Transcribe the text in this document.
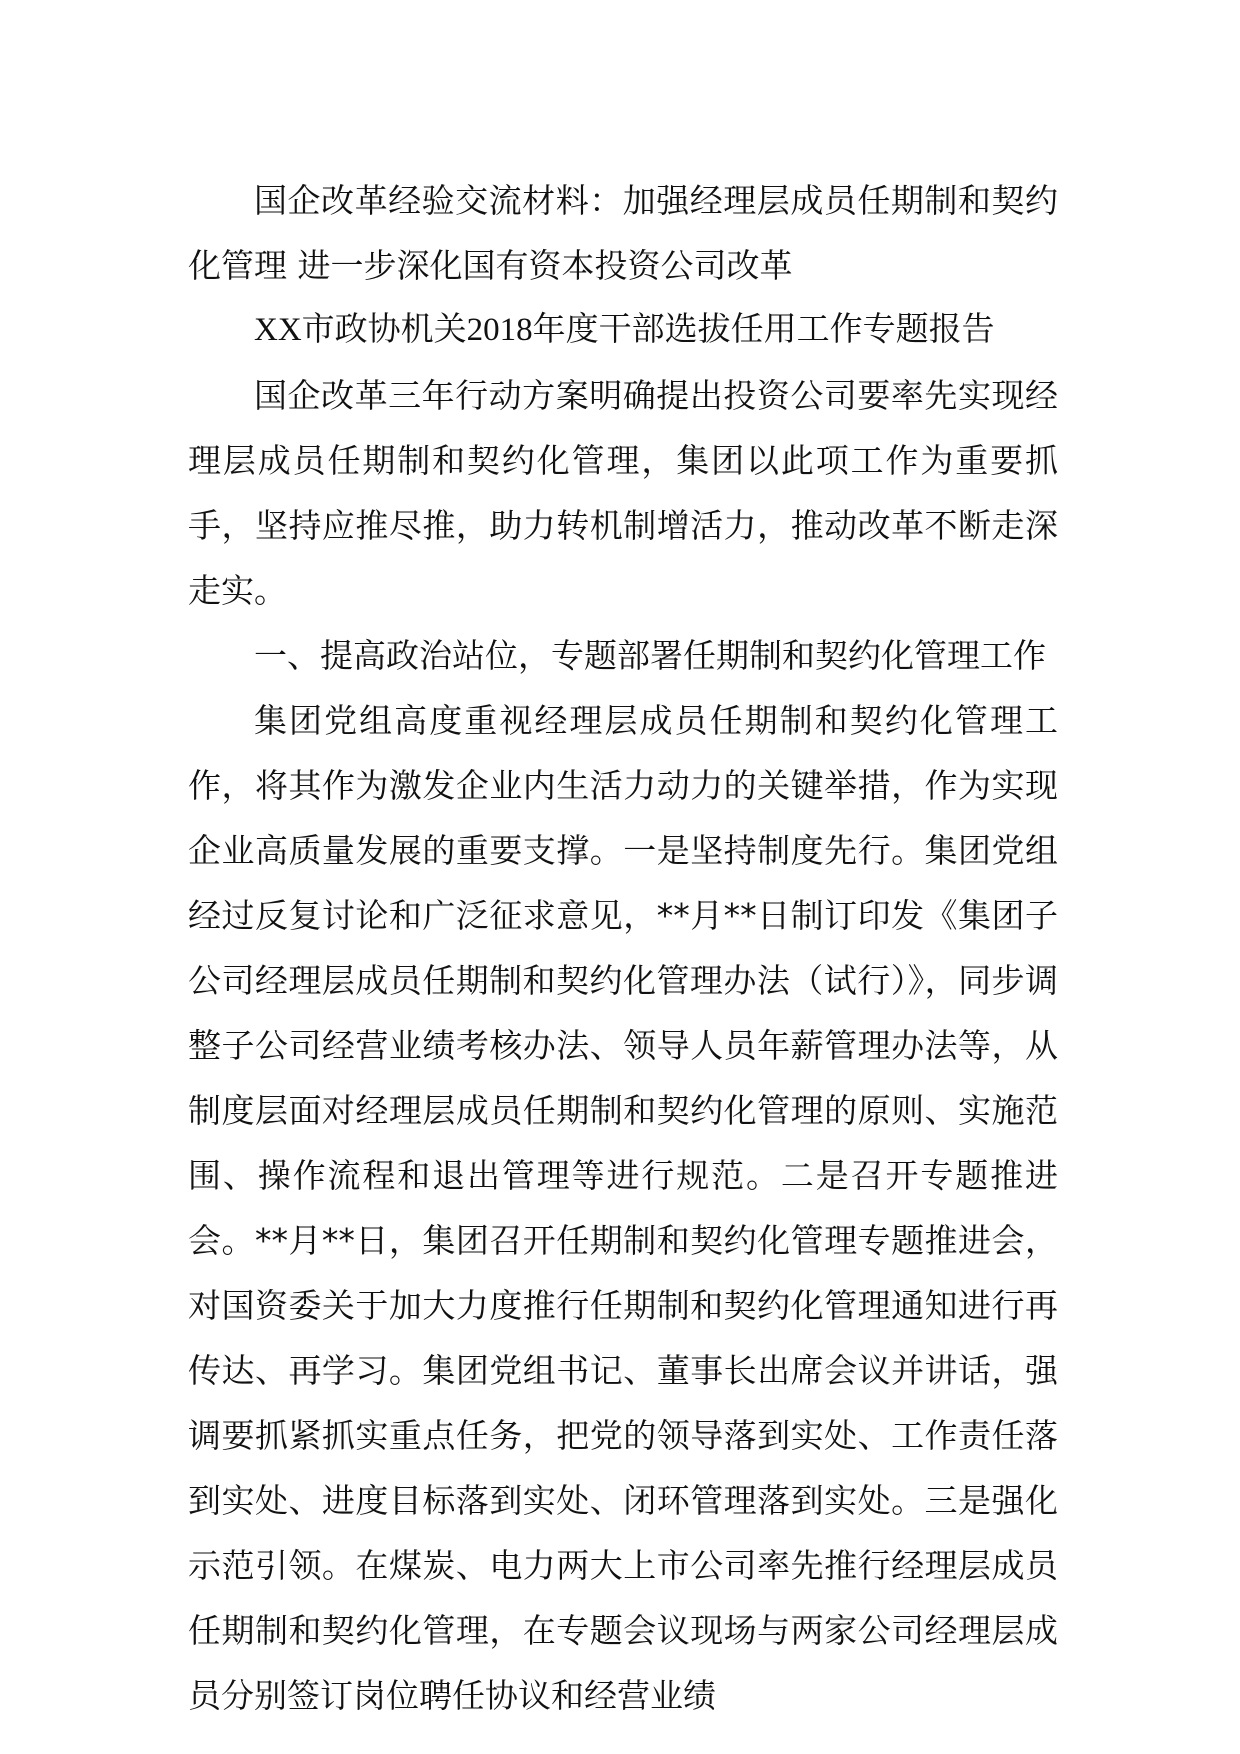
国企改革经验交流材料：加强经理层成员任期制和契约化管理 进一步深化国有资本投资公司改革

XX市政协机关2018年度干部选拔任用工作专题报告

国企改革三年行动方案明确提出投资公司要率先实现经理层成员任期制和契约化管理，集团以此项工作为重要抓手，坚持应推尽推，助力转机制增活力，推动改革不断走深走实。

一、提高政治站位，专题部署任期制和契约化管理工作

集团党组高度重视经理层成员任期制和契约化管理工作，将其作为激发企业内生活力动力的关键举措，作为实现企业高质量发展的重要支撑。一是坚持制度先行。集团党组经过反复讨论和广泛征求意见，**月**日制订印发《集团子公司经理层成员任期制和契约化管理办法（试行）》，同步调整子公司经营业绩考核办法、领导人员年薪管理办法等，从制度层面对经理层成员任期制和契约化管理的原则、实施范围、操作流程和退出管理等进行规范。二是召开专题推进会。**月**日，集团召开任期制和契约化管理专题推进会，对国资委关于加大力度推行任期制和契约化管理通知进行再传达、再学习。集团党组书记、董事长出席会议并讲话，强调要抓紧抓实重点任务，把党的领导落到实处、工作责任落到实处、进度目标落到实处、闭环管理落到实处。三是强化示范引领。在煤炭、电力两大上市公司率先推行经理层成员任期制和契约化管理，在专题会议现场与两家公司经理层成员分别签订岗位聘任协议和经营业绩
